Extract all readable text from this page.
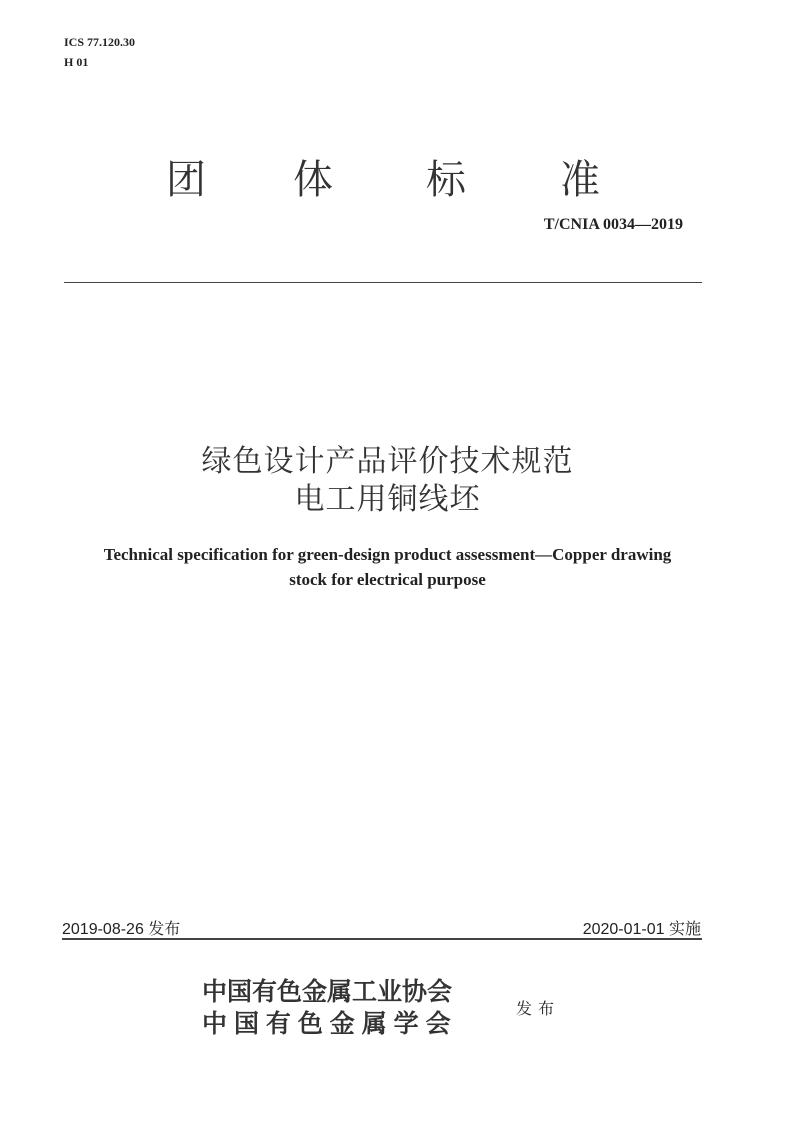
ICS 77.120.30
H 01
团 体 标 准
T/CNIA 0034—2019
绿色设计产品评价技术规范
电工用铜线坯
Technical specification for green-design product assessment—Copper drawing
stock for electrical purpose
2019-08-26 发布	2020-01-01 实施
中国有色金属工业协会
中 国 有 色 金 属 学 会
发布
